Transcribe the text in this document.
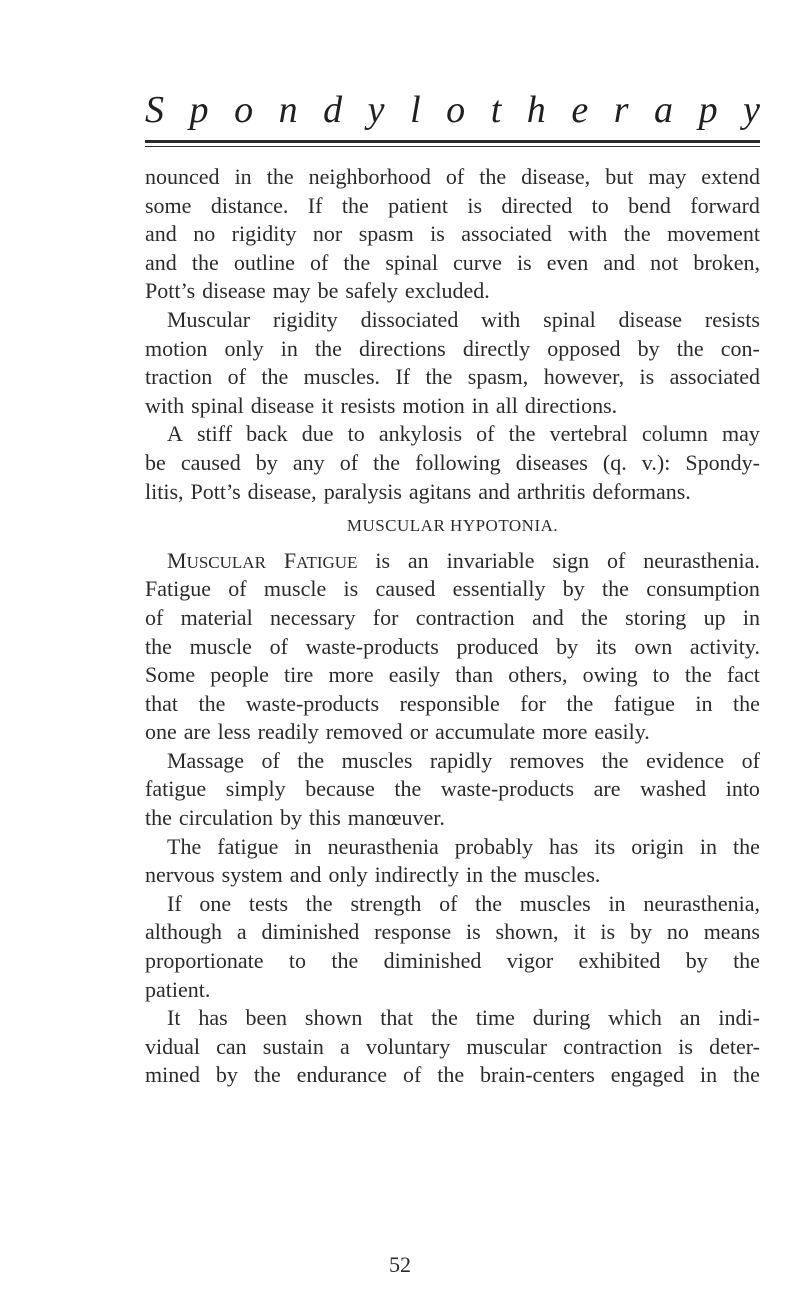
S p o n d y l o t h e r a p y
nounced in the neighborhood of the disease, but may extend
some distance. If the patient is directed to bend forward
and no rigidity nor spasm is associated with the movement
and the outline of the spinal curve is even and not broken,
Pott’s disease may be safely excluded.
Muscular rigidity dissociated with spinal disease resists
motion only in the directions directly opposed by the con-
traction of the muscles. If the spasm, however, is associated
with spinal disease it resists motion in all directions.
A stiff back due to ankylosis of the vertebral column may
be caused by any of the following diseases (q. v.): Spondy-
litis, Pott’s disease, paralysis agitans and arthritis deformans.
MUSCULAR HYPOTONIA.
MUSCULAR FATIGUE is an invariable sign of neurasthenia.
Fatigue of muscle is caused essentially by the consumption
of material necessary for contraction and the storing up in
the muscle of waste-products produced by its own activity.
Some people tire more easily than others, owing to the fact
that the waste-products responsible for the fatigue in the
one are less readily removed or accumulate more easily.
Massage of the muscles rapidly removes the evidence of
fatigue simply because the waste-products are washed into
the circulation by this manœuver.
The fatigue in neurasthenia probably has its origin in the
nervous system and only indirectly in the muscles.
If one tests the strength of the muscles in neurasthenia,
although a diminished response is shown, it is by no means
proportionate to the diminished vigor exhibited by the
patient.
It has been shown that the time during which an indi-
vidual can sustain a voluntary muscular contraction is deter-
mined by the endurance of the brain-centers engaged in the
52
